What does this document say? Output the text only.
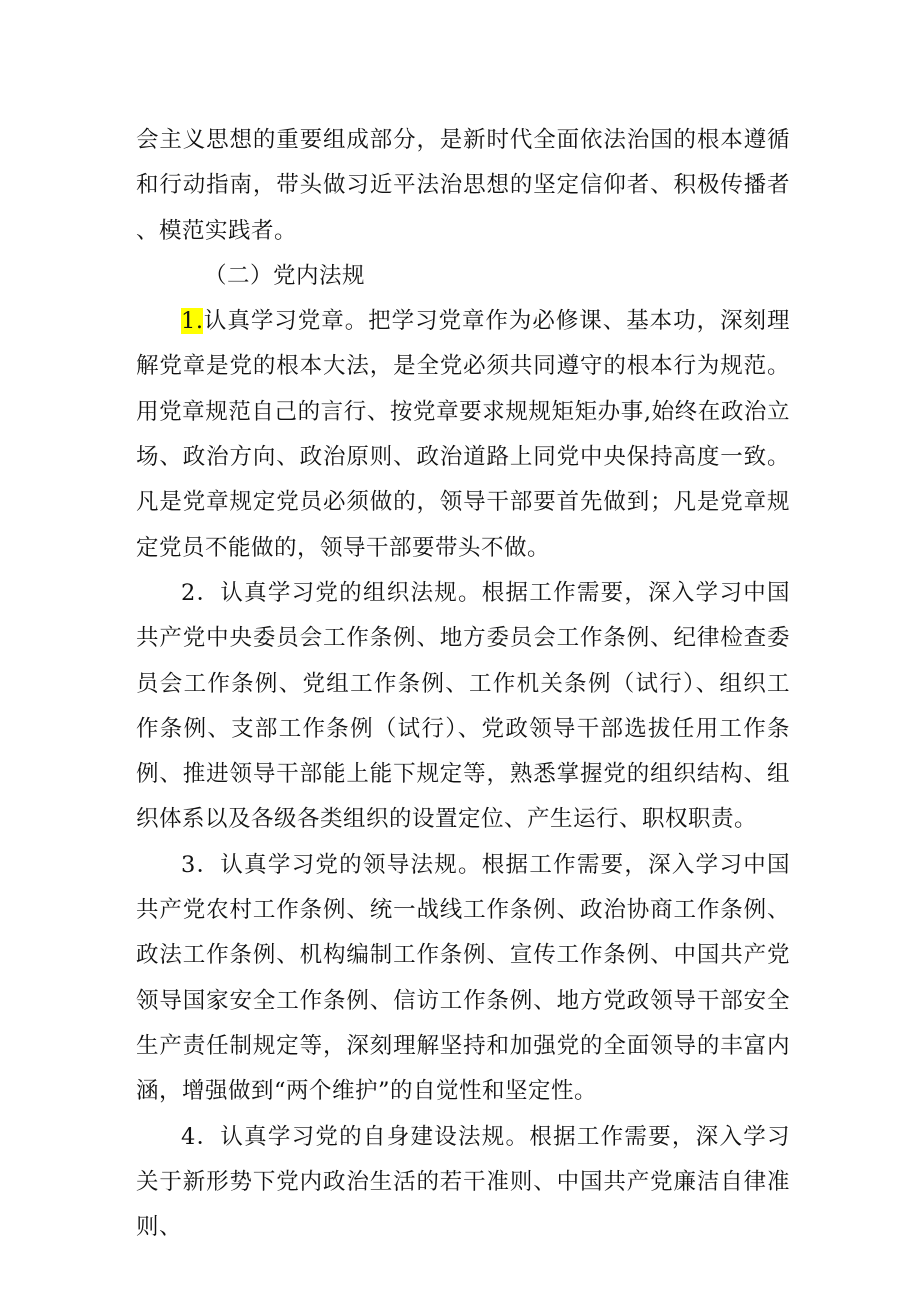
会主义思想的重要组成部分，是新时代全面依法治国的根本遵循和行动指南，带头做习近平法治思想的坚定信仰者、积极传播者、模范实践者。

（二）党内法规

1.认真学习党章。把学习党章作为必修课、基本功，深刻理解党章是党的根本大法，是全党必须共同遵守的根本行为规范。用党章规范自己的言行、按党章要求规规矩矩办事,始终在政治立场、政治方向、政治原则、政治道路上同党中央保持高度一致。凡是党章规定党员必须做的，领导干部要首先做到；凡是党章规定党员不能做的，领导干部要带头不做。

2．认真学习党的组织法规。根据工作需要，深入学习中国共产党中央委员会工作条例、地方委员会工作条例、纪律检查委员会工作条例、党组工作条例、工作机关条例（试行）、组织工作条例、支部工作条例（试行）、党政领导干部选拔任用工作条例、推进领导干部能上能下规定等，熟悉掌握党的组织结构、组织体系以及各级各类组织的设置定位、产生运行、职权职责。

3．认真学习党的领导法规。根据工作需要，深入学习中国共产党农村工作条例、统一战线工作条例、政治协商工作条例、政法工作条例、机构编制工作条例、宣传工作条例、中国共产党领导国家安全工作条例、信访工作条例、地方党政领导干部安全生产责任制规定等，深刻理解坚持和加强党的全面领导的丰富内涵，增强做到“两个维护”的自觉性和坚定性。

4．认真学习党的自身建设法规。根据工作需要，深入学习关于新形势下党内政治生活的若干准则、中国共产党廉洁自律准则、
